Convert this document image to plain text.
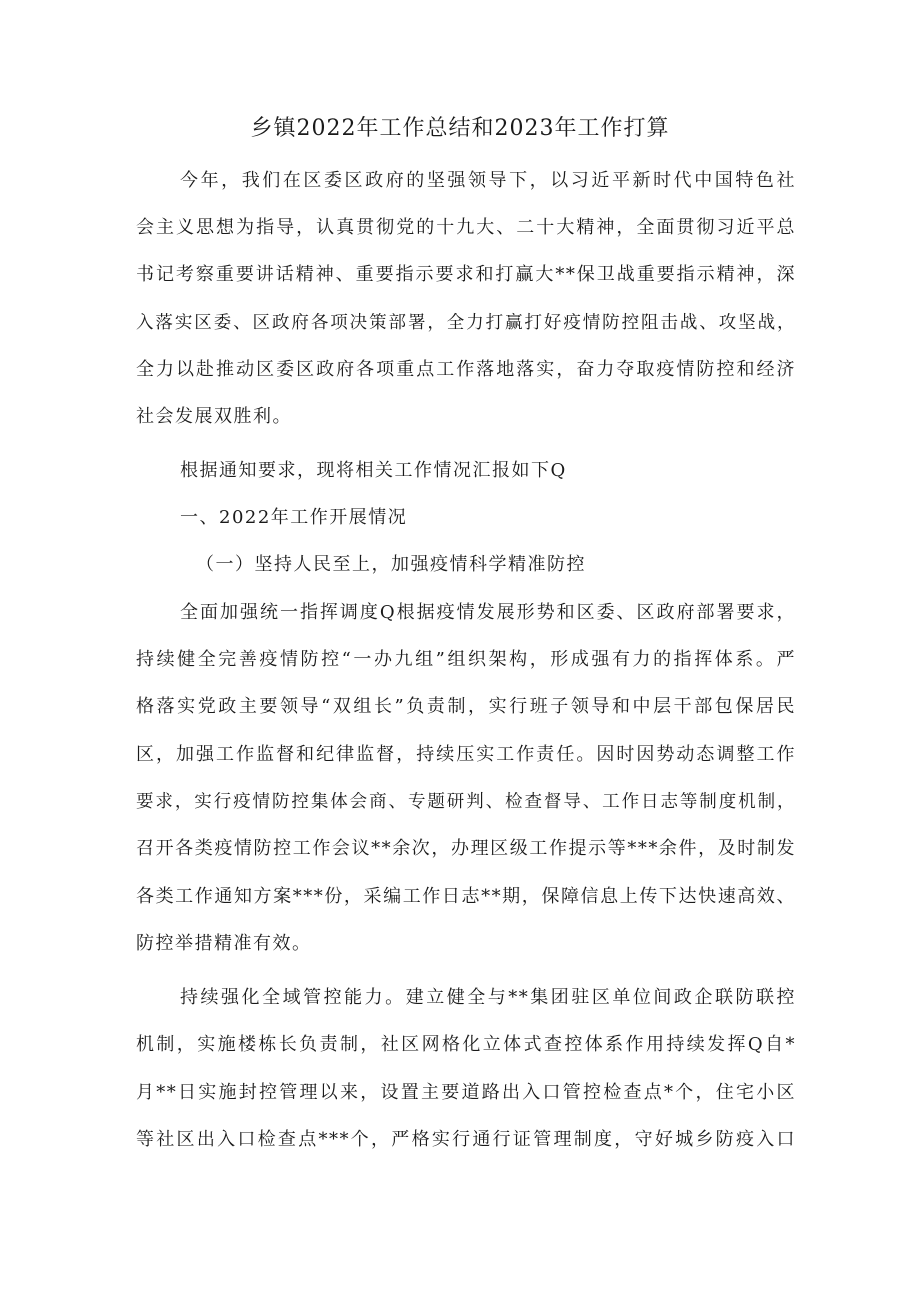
乡镇2022年工作总结和2023年工作打算

今年，我们在区委区政府的坚强领导下，以习近平新时代中国特色社

会主义思想为指导，认真贯彻党的十九大、二十大精神，全面贯彻习近平总

书记考察重要讲话精神、重要指示要求和打赢大**保卫战重要指示精神，深

入落实区委、区政府各项决策部署，全力打赢打好疫情防控阻击战、攻坚战，

全力以赴推动区委区政府各项重点工作落地落实，奋力夺取疫情防控和经济

社会发展双胜利。

根据通知要求，现将相关工作情况汇报如下Q

一、2022年工作开展情况

（一）坚持人民至上，加强疫情科学精准防控

全面加强统一指挥调度Q根据疫情发展形势和区委、区政府部署要求，

持续健全完善疫情防控“一办九组”组织架构，形成强有力的指挥体系。严

格落实党政主要领导“双组长”负责制，实行班子领导和中层干部包保居民

区，加强工作监督和纪律监督，持续压实工作责任。因时因势动态调整工作

要求，实行疫情防控集体会商、专题研判、检查督导、工作日志等制度机制，

召开各类疫情防控工作会议**余次，办理区级工作提示等***余件，及时制发

各类工作通知方案***份，采编工作日志**期，保障信息上传下达快速高效、

防控举措精准有效。

持续强化全域管控能力。建立健全与**集团驻区单位间政企联防联控

机制，实施楼栋长负责制，社区网格化立体式查控体系作用持续发挥Q自*

月**日实施封控管理以来，设置主要道路出入口管控检查点*个，住宅小区

等社区出入口检查点***个，严格实行通行证管理制度，守好城乡防疫入口
